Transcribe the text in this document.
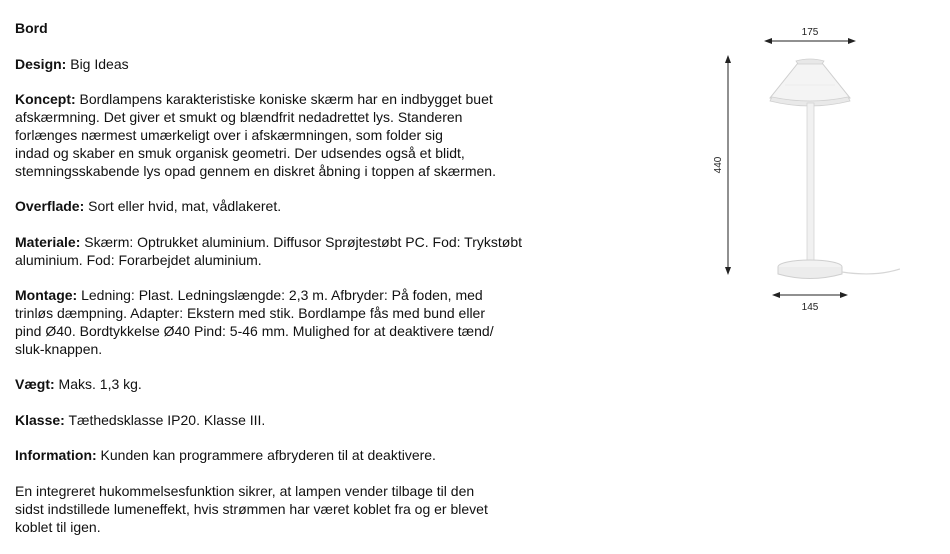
Bord
Design: Big Ideas
Koncept: Bordlampens karakteristiske koniske skærm har en indbygget buet
afskærmning. Det giver et smukt og blændfrit nedadrettet lys. Standeren
forlænges nærmest umærkeligt over i afskærmningen, som folder sig
indad og skaber en smuk organisk geometri. Der udsendes også et blidt,
stemningsskabende lys opad gennem en diskret åbning i toppen af skærmen.
Overflade: Sort eller hvid, mat, vådlakeret.
Materiale: Skærm: Optrukket aluminium. Diffusor Sprøjtestøbt PC. Fod: Trykstøbt
aluminium. Fod: Forarbejdet aluminium.
Montage: Ledning: Plast. Ledningslængde: 2,3 m. Afbryder: På foden, med
trinløs dæmpning. Adapter: Ekstern med stik. Bordlampe fås med bund eller
pind Ø40. Bordtykkelse Ø40 Pind: 5-46 mm. Mulighed for at deaktivere tænd/
sluk-knappen.
Vægt: Maks. 1,3 kg.
Klasse: Tæthedsklasse IP20. Klasse III.
Information: Kunden kan programmere afbryderen til at deaktivere.
En integreret hukommelsesfunktion sikrer, at lampen vender tilbage til den
sidst indstillede lumeneffekt, hvis strømmen har været koblet fra og er blevet
koblet til igen.
175
440
145
